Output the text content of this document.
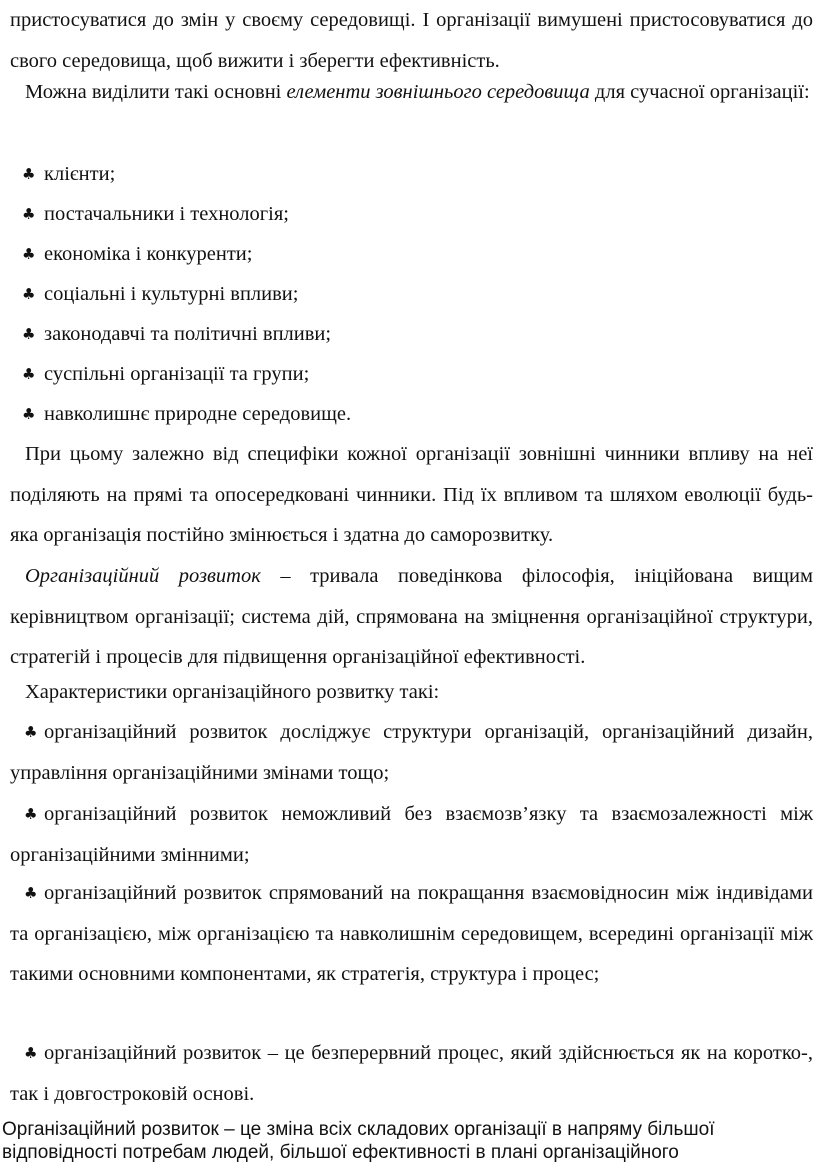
пристосуватися до змін у своєму середовищі. І організації вимушені пристосовуватися до свого середовища, щоб вижити і зберегти ефективність.

Можна виділити такі основні елементи зовнішнього середовища для сучасної організації:

♣ клієнти;

♣ постачальники і технологія;

♣ економіка і конкуренти;

♣ соціальні і культурні впливи;

♣ законодавчі та політичні впливи;

♣ суспільні організації та групи;

♣ навколишнє природне середовище.

При цьому залежно від специфіки кожної організації зовнішні чинники впливу на неї поділяють на прямі та опосередковані чинники. Під їх впливом та шляхом еволюції будь-яка організація постійно змінюється і здатна до саморозвитку.

Організаційний розвиток – тривала поведінкова філософія, ініційована вищим керівництвом організації; система дій, спрямована на зміцнення організаційної структури, стратегій і процесів для підвищення організаційної ефективності.

Характеристики організаційного розвитку такі:

♣ організаційний розвиток досліджує структури організацій, організаційний дизайн, управління організаційними змінами тощо;

♣ організаційний розвиток неможливий без взаємозв’язку та взаємозалежності між організаційними змінними;

♣ організаційний розвиток спрямований на покращання взаємовідносин між індивідами та організацією, між організацією та навколишнім середовищем, всередині організації між такими основними компонентами, як стратегія, структура і процес;

♣ організаційний розвиток – це безперервний процес, який здійснюється як на коротко-, так і довгостроковій основі.

Організаційний розвиток – це зміна всіх складових організації в напряму більшої відповідності потребам людей, більшої ефективності в плані організаційного
